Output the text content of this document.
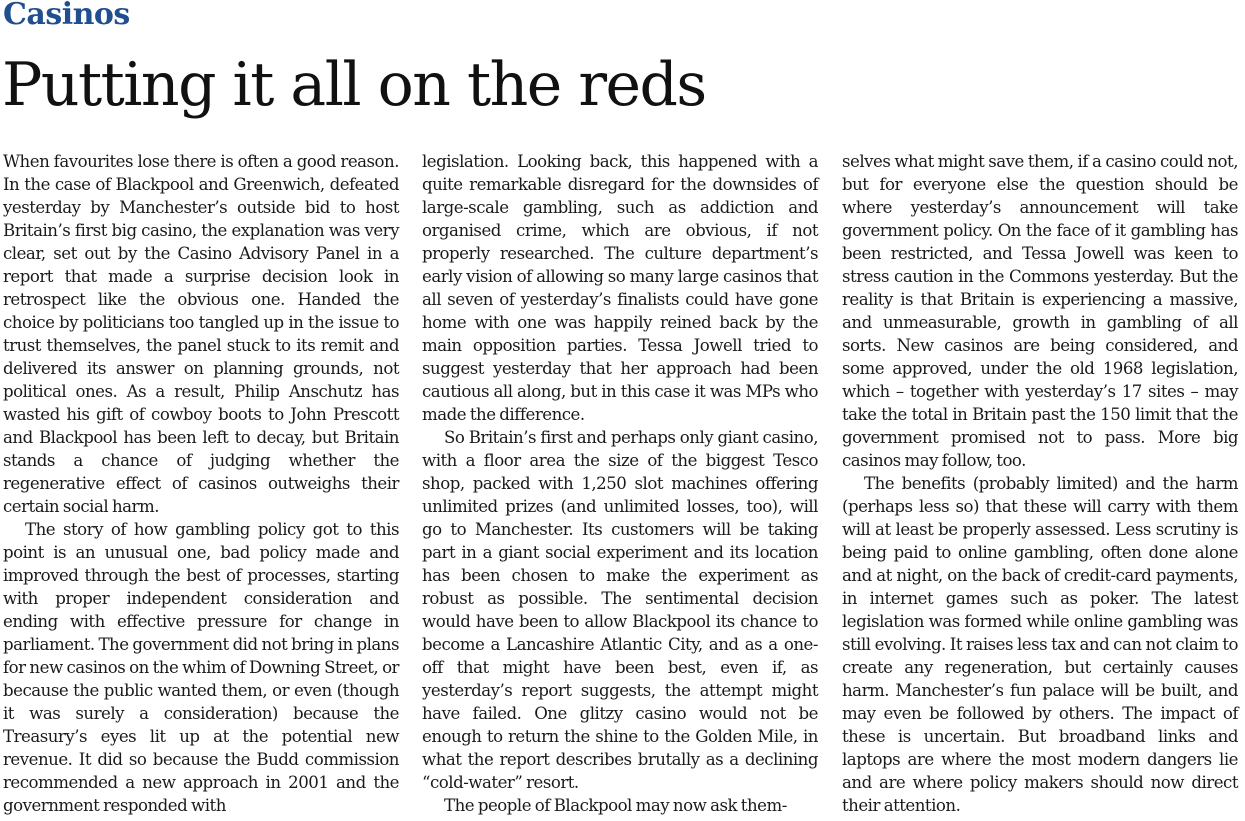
Casinos
Putting it all on the reds

When favourites lose there is often a good reason. In the case of Blackpool and Greenwich, defeated yesterday by Manchester’s outside bid to host Britain’s first big casino, the explanation was very clear, set out by the Casino Advisory Panel in a report that made a surprise decision look in retrospect like the obvious one. Handed the choice by politicians too tangled up in the issue to trust themselves, the panel stuck to its remit and delivered its answer on planning grounds, not political ones. As a result, Philip Anschutz has wasted his gift of cowboy boots to John Prescott and Blackpool has been left to decay, but Britain stands a chance of judging whether the regenerative effect of casinos outweighs their certain social harm.

The story of how gambling policy got to this point is an unusual one, bad policy made and improved through the best of processes, starting with proper independent consideration and ending with effective pressure for change in parliament. The government did not bring in plans for new casinos on the whim of Downing Street, or because the public wanted them, or even (though it was surely a consideration) because the Treasury’s eyes lit up at the potential new revenue. It did so because the Budd commission recommended a new approach in 2001 and the government responded with

legislation. Looking back, this happened with a quite remarkable disregard for the downsides of large-scale gambling, such as addiction and organised crime, which are obvious, if not properly researched. The culture department’s early vision of allowing so many large casinos that all seven of yesterday’s finalists could have gone home with one was happily reined back by the main opposition parties. Tessa Jowell tried to suggest yesterday that her approach had been cautious all along, but in this case it was MPs who made the difference.

So Britain’s first and perhaps only giant casino, with a floor area the size of the biggest Tesco shop, packed with 1,250 slot machines offering unlimited prizes (and unlimited losses, too), will go to Manchester. Its customers will be taking part in a giant social experiment and its location has been chosen to make the experiment as robust as possible. The sentimental decision would have been to allow Blackpool its chance to become a Lancashire Atlantic City, and as a one-off that might have been best, even if, as yesterday’s report suggests, the attempt might have failed. One glitzy casino would not be enough to return the shine to the Golden Mile, in what the report describes brutally as a declining “cold-water” resort.

The people of Blackpool may now ask them-

selves what might save them, if a casino could not, but for everyone else the question should be where yesterday’s announcement will take government policy. On the face of it gambling has been restricted, and Tessa Jowell was keen to stress caution in the Commons yesterday. But the reality is that Britain is experiencing a massive, and unmeasurable, growth in gambling of all sorts. New casinos are being considered, and some approved, under the old 1968 legislation, which – together with yesterday’s 17 sites – may take the total in Britain past the 150 limit that the government promised not to pass. More big casinos may follow, too.

The benefits (probably limited) and the harm (perhaps less so) that these will carry with them will at least be properly assessed. Less scrutiny is being paid to online gambling, often done alone and at night, on the back of credit-card payments, in internet games such as poker. The latest legislation was formed while online gambling was still evolving. It raises less tax and can not claim to create any regeneration, but certainly causes harm. Manchester’s fun palace will be built, and may even be followed by others. The impact of these is uncertain. But broadband links and laptops are where the most modern dangers lie and are where policy makers should now direct their attention.
